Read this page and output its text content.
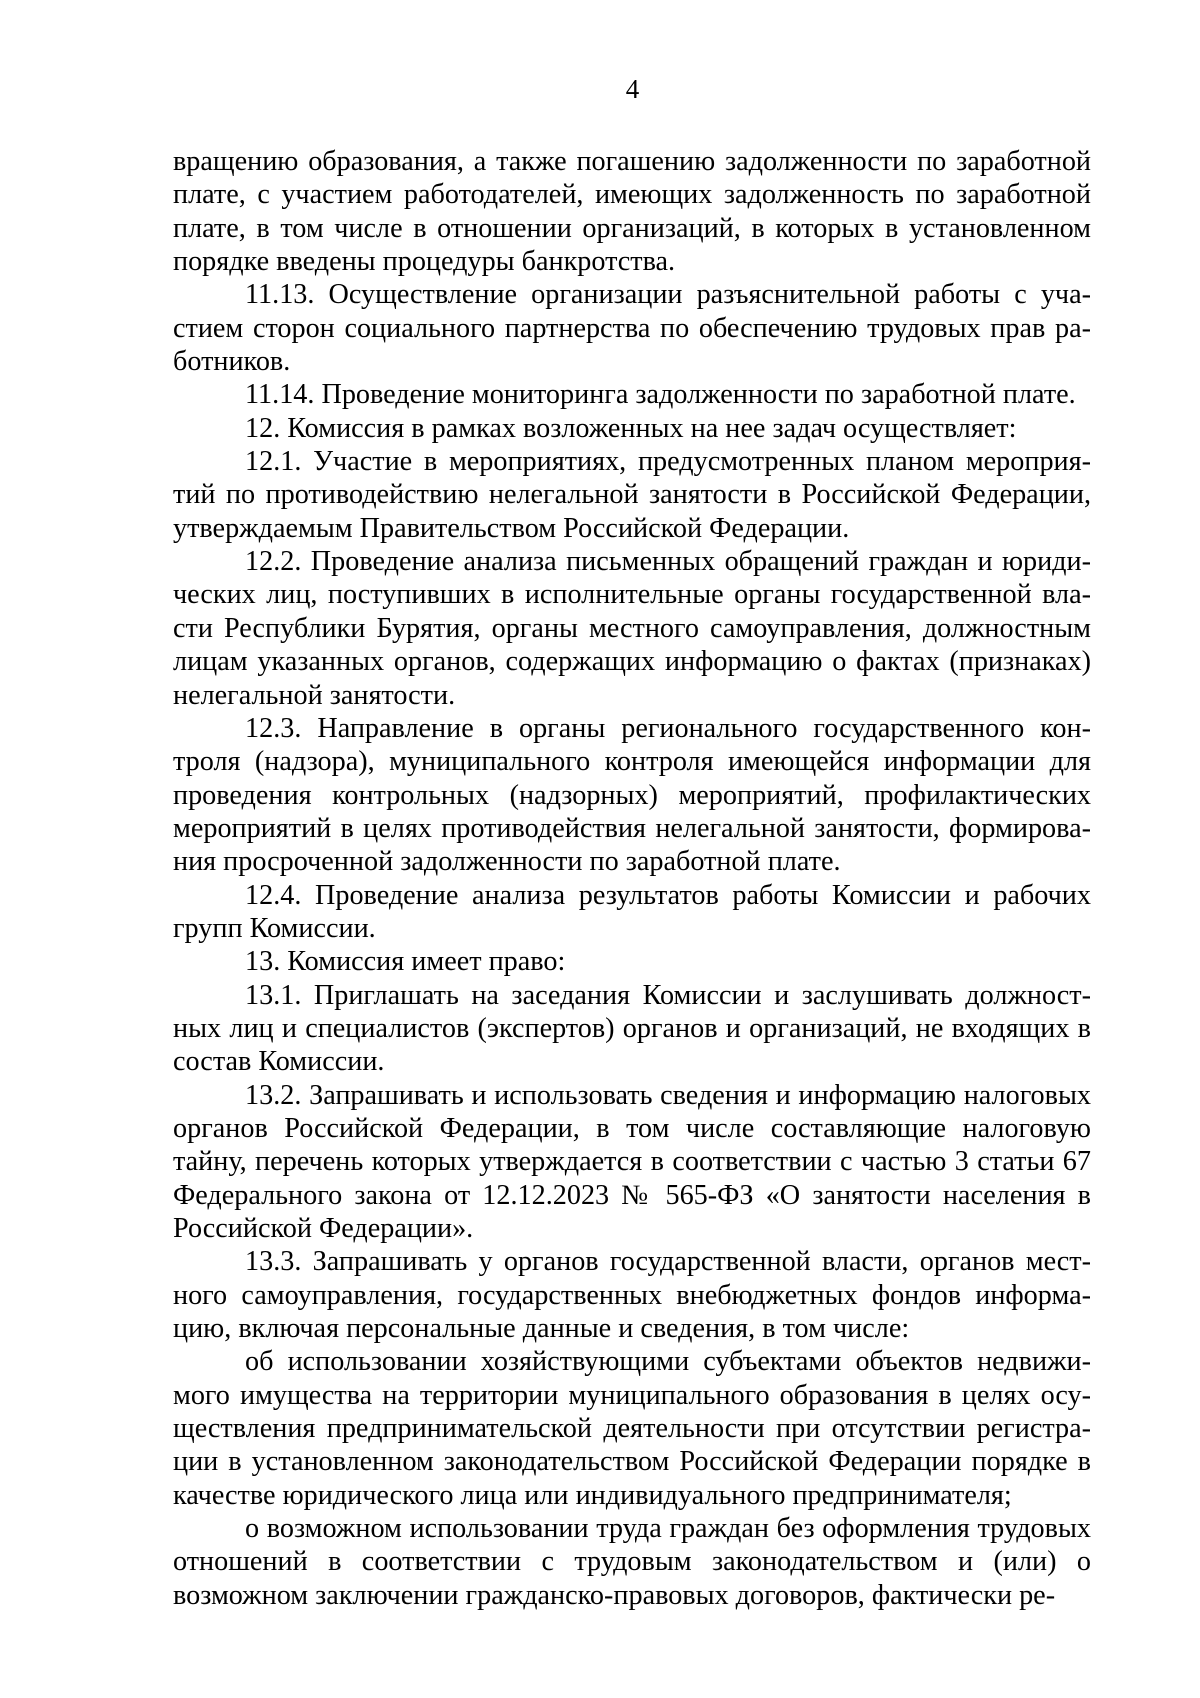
4

вращению образования, а также погашению задолженности по заработной плате, с участием работодателей, имеющих задолженность по заработной плате, в том числе в отношении организаций, в которых в установленном порядке введены процедуры банкротства.

11.13. Осуществление организации разъяснительной работы с участием сторон социального партнерства по обеспечению трудовых прав работников.

11.14. Проведение мониторинга задолженности по заработной плате.

12. Комиссия в рамках возложенных на нее задач осуществляет:

12.1. Участие в мероприятиях, предусмотренных планом мероприятий по противодействию нелегальной занятости в Российской Федерации, утверждаемым Правительством Российской Федерации.

12.2. Проведение анализа письменных обращений граждан и юридических лиц, поступивших в исполнительные органы государственной власти Республики Бурятия, органы местного самоуправления, должностным лицам указанных органов, содержащих информацию о фактах (признаках) нелегальной занятости.

12.3. Направление в органы регионального государственного контроля (надзора), муниципального контроля имеющейся информации для проведения контрольных (надзорных) мероприятий, профилактических мероприятий в целях противодействия нелегальной занятости, формирования просроченной задолженности по заработной плате.

12.4. Проведение анализа результатов работы Комиссии и рабочих групп Комиссии.

13. Комиссия имеет право:

13.1. Приглашать на заседания Комиссии и заслушивать должностных лиц и специалистов (экспертов) органов и организаций, не входящих в состав Комиссии.

13.2. Запрашивать и использовать сведения и информацию налоговых органов Российской Федерации, в том числе составляющие налоговую тайну, перечень которых утверждается в соответствии с частью 3 статьи 67 Федерального закона от 12.12.2023 № 565-ФЗ «О занятости населения в Российской Федерации».

13.3. Запрашивать у органов государственной власти, органов местного самоуправления, государственных внебюджетных фондов информацию, включая персональные данные и сведения, в том числе:

об использовании хозяйствующими субъектами объектов недвижимого имущества на территории муниципального образования в целях осуществления предпринимательской деятельности при отсутствии регистрации в установленном законодательством Российской Федерации порядке в качестве юридического лица или индивидуального предпринимателя;

о возможном использовании труда граждан без оформления трудовых отношений в соответствии с трудовым законодательством и (или) о возможном заключении гражданско-правовых договоров, фактически ре-
